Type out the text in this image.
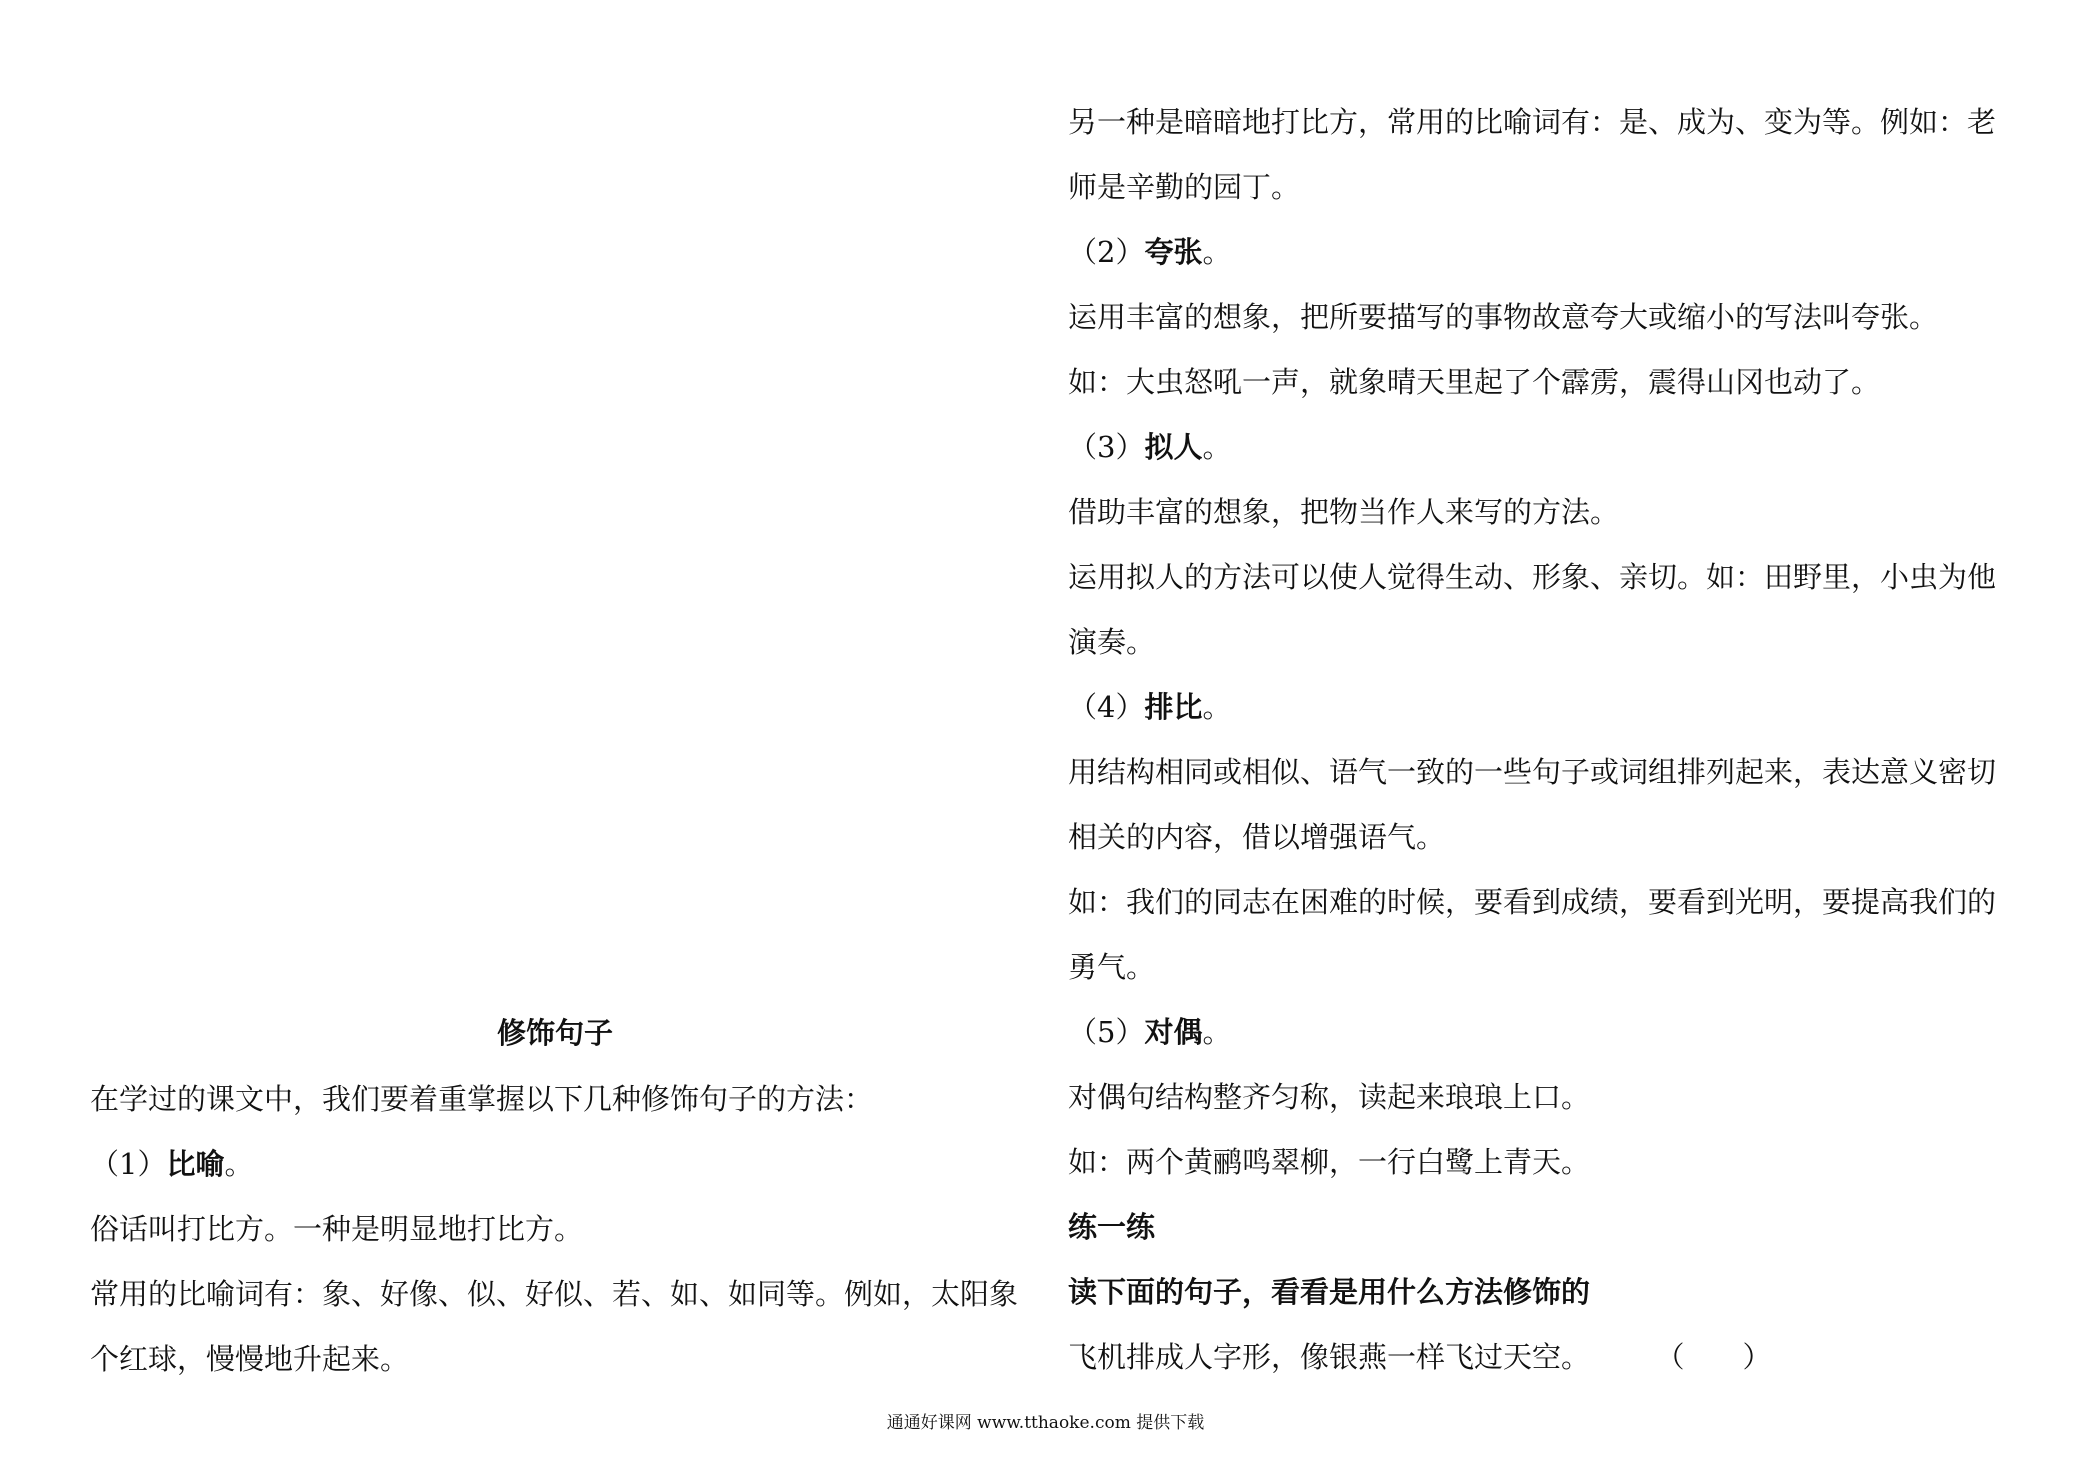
修饰句子
在学过的课文中，我们要着重掌握以下几种修饰句子的方法：
（1）比喻。
俗话叫打比方。一种是明显地打比方。
常用的比喻词有：象、好像、似、好似、若、如、如同等。例如，太阳象
个红球，慢慢地升起来。
另一种是暗暗地打比方，常用的比喻词有：是、成为、变为等。例如：老
师是辛勤的园丁。
（2）夸张。
运用丰富的想象，把所要描写的事物故意夸大或缩小的写法叫夸张。
如：大虫怒吼一声，就象晴天里起了个霹雳，震得山冈也动了。
（3）拟人。
借助丰富的想象，把物当作人来写的方法。
运用拟人的方法可以使人觉得生动、形象、亲切。如：田野里，小虫为他
演奏。
（4）排比。
用结构相同或相似、语气一致的一些句子或词组排列起来，表达意义密切
相关的内容，借以增强语气。
如：我们的同志在困难的时候，要看到成绩，要看到光明，要提高我们的
勇气。
（5）对偶。
对偶句结构整齐匀称，读起来琅琅上口。
如：两个黄鹂鸣翠柳，一行白鹭上青天。
练一练
读下面的句子，看看是用什么方法修饰的
飞机排成人字形，像银燕一样飞过天空。	（　　）
通通好课网 www.tthaoke.com 提供下载
